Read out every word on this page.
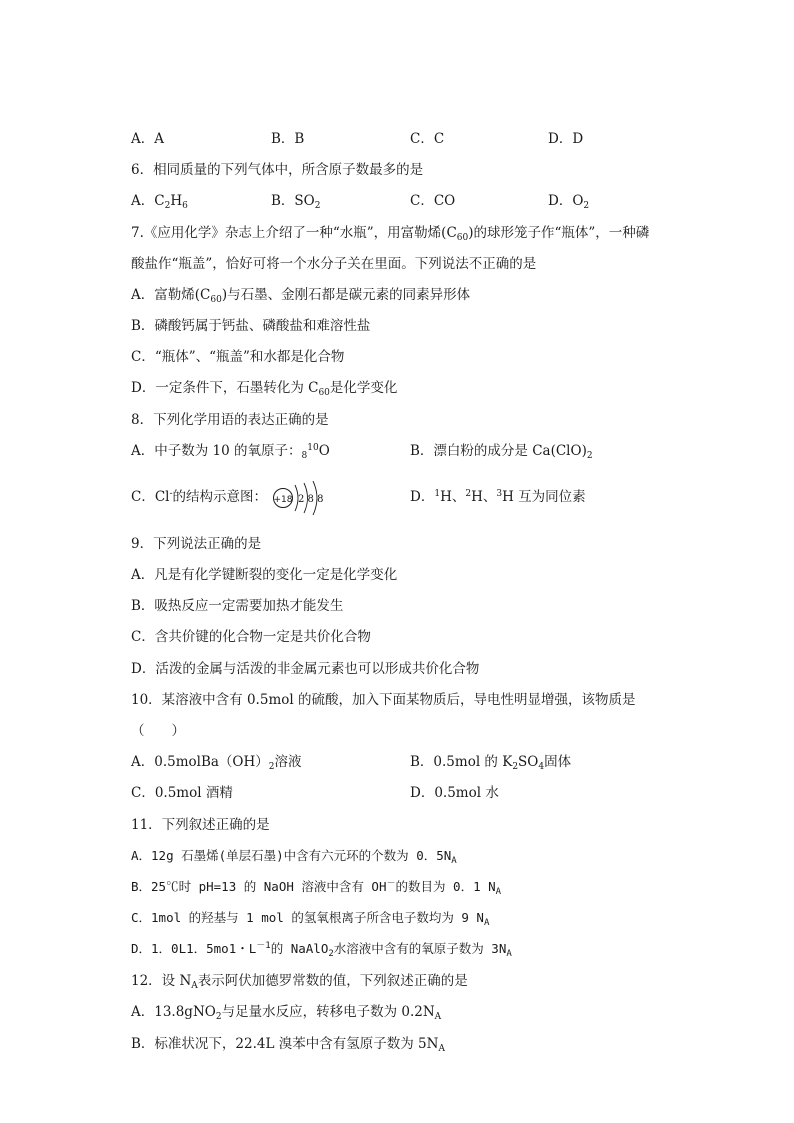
A．A	B．B	C．C	D．D
6．相同质量的下列气体中，所含原子数最多的是
A．$C_2H_6$	B．$SO_2$	C．CO	D．$O_2$
7.《应用化学》杂志上介绍了一种“水瓶”，用富勒烯$(C_{60})$的球形笼子作“瓶体”，一种磷
酸盐作“瓶盖”，恰好可将一个水分子关在里面。下列说法不正确的是
A．富勒烯$(C_{60})$与石墨、金刚石都是碳元素的同素异形体
B．磷酸钙属于钙盐、磷酸盐和难溶性盐
C．“瓶体”、“瓶盖”和水都是化合物
D．一定条件下，石墨转化为 $C_{60}$是化学变化
8．下列化学用语的表达正确的是
A．中子数为 10 的氧原子：$_8^{10}$O	B．漂白粉的成分是 $Ca(ClO)_2$
C．Cl-的结构示意图： +18 2 8 8	D．$^1$H、$^2$H、$^3$H 互为同位素
9．下列说法正确的是
A．凡是有化学键断裂的变化一定是化学变化
B．吸热反应一定需要加热才能发生
C．含共价键的化合物一定是共价化合物
D．活泼的金属与活泼的非金属元素也可以形成共价化合物
10．某溶液中含有 0.5mol 的硫酸，加入下面某物质后，导电性明显增强，该物质是
（　　）
A．$0.5molBa(OH)_2$溶液	B．0.5mol 的 $K_2SO_4$固体
C．0.5mol 酒精	D．0.5mol 水
11．下列叙述正确的是
A．12g 石墨烯(单层石墨)中含有六元环的个数为 0．$5N_A$
B．25℃时 pH=13 的 NaOH 溶液中含有 OH－的数目为 0．1 $N_A$
C．1mol 的羟基与 1 mol 的氢氧根离子所含电子数均为 9 $N_A$
D．1．0L1．5mo1・$L^{-1}$的 NaAlO$_2$水溶液中含有的氧原子数为 $3N_A$
12．设 $N_A$表示阿伏加德罗常数的值，下列叙述正确的是
A．13.8gNO$_2$与足量水反应，转移电子数为 $0.2N_A$
B．标准状况下，22.4L 溴苯中含有氢原子数为 $5N_A$
